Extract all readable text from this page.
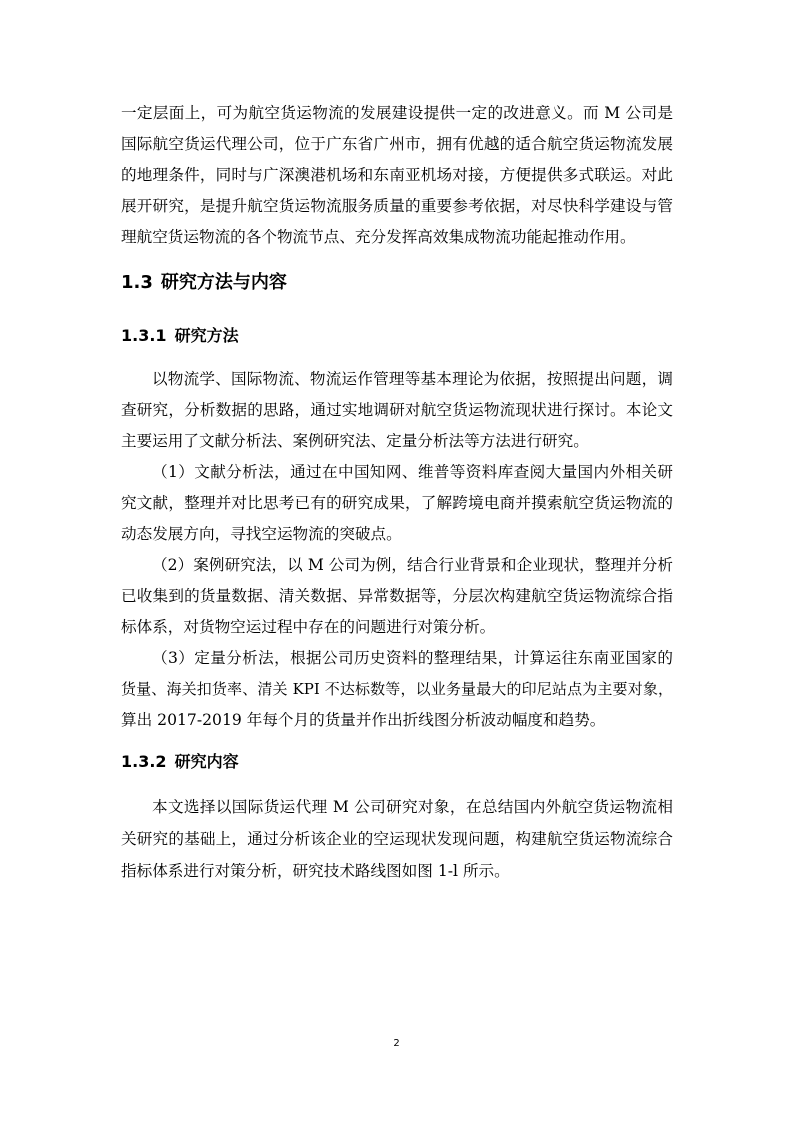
一定层面上，可为航空货运物流的发展建设提供一定的改进意义。而 M 公司是
国际航空货运代理公司，位于广东省广州市，拥有优越的适合航空货运物流发展
的地理条件，同时与广深澳港机场和东南亚机场对接，方便提供多式联运。对此
展开研究，是提升航空货运物流服务质量的重要参考依据，对尽快科学建设与管
理航空货运物流的各个物流节点、充分发挥高效集成物流功能起推动作用。
1.3 研究方法与内容
1.3.1 研究方法
以物流学、国际物流、物流运作管理等基本理论为依据，按照提出问题，调
查研究，分析数据的思路，通过实地调研对航空货运物流现状进行探讨。本论文
主要运用了文献分析法、案例研究法、定量分析法等方法进行研究。
（1）文献分析法，通过在中国知网、维普等资料库查阅大量国内外相关研
究文献，整理并对比思考已有的研究成果，了解跨境电商并摸索航空货运物流的
动态发展方向，寻找空运物流的突破点。
（2）案例研究法，以 M 公司为例，结合行业背景和企业现状，整理并分析
已收集到的货量数据、清关数据、异常数据等，分层次构建航空货运物流综合指
标体系，对货物空运过程中存在的问题进行对策分析。
（3）定量分析法，根据公司历史资料的整理结果，计算运往东南亚国家的
货量、海关扣货率、清关 KPI 不达标数等，以业务量最大的印尼站点为主要对象，
算出 2017-2019 年每个月的货量并作出折线图分析波动幅度和趋势。
1.3.2 研究内容
本文选择以国际货运代理 M 公司研究对象，在总结国内外航空货运物流相
关研究的基础上，通过分析该企业的空运现状发现问题，构建航空货运物流综合
指标体系进行对策分析，研究技术路线图如图 1-l 所示。
2
